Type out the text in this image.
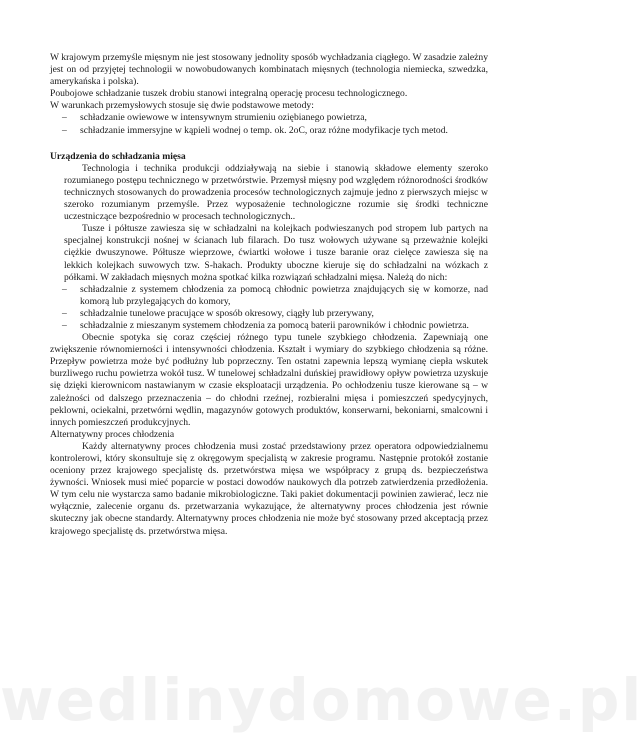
W krajowym przemyśle mięsnym nie jest stosowany jednolity sposób wychładzania ciągłego. W zasadzie zależny jest on od przyjętej technologii w nowobudowanych kombinatach mięsnych (technologia niemiecka, szwedzka, amerykańska i polska).

Poubojowe schładzanie tuszek drobiu stanowi integralną operację procesu technologicznego.

W warunkach przemysłowych stosuje się dwie podstawowe metody:

– schładzanie owiewowe w intensywnym strumieniu oziębianego powietrza,
– schładzanie immersyjne w kąpieli wodnej o temp. ok. 2oC, oraz różne modyfikacje tych metod.

Urządzenia do schładzania mięsa

Technologia i technika produkcji oddziaływają na siebie i stanowią składowe elementy szeroko rozumianego postępu technicznego w przetwórstwie. Przemysł mięsny pod względem różnorodności środków technicznych stosowanych do prowadzenia procesów technologicznych zajmuje jedno z pierwszych miejsc w szeroko rozumianym przemyśle. Przez wyposażenie technologiczne rozumie się środki techniczne uczestniczące bezpośrednio w procesach technologicznych..

Tusze i półtusze zawiesza się w schładzalni na kolejkach podwieszanych pod stropem lub partych na specjalnej konstrukcji nośnej w ścianach lub filarach. Do tusz wołowych używane są przeważnie kolejki ciężkie dwuszynowe. Półtusze wieprzowe, ćwiartki wołowe i tusze baranie oraz cielęce zawiesza się na lekkich kolejkach suwowych tzw. S-hakach. Produkty uboczne kieruje się do schładzalni na wózkach z półkami. W zakładach mięsnych można spotkać kilka rozwiązań schładzalni mięsa. Należą do nich:

– schładzalnie z systemem chłodzenia za pomocą chłodnic powietrza znajdujących się w komorze, nad komorą lub przylegających do komory,
– schładzalnie tunelowe pracujące w sposób okresowy, ciągły lub przerywany,
– schładzalnie z mieszanym systemem chłodzenia za pomocą baterii parowników i chłodnic powietrza.

Obecnie spotyka się coraz częściej różnego typu tunele szybkiego chłodzenia. Zapewniają one zwiększenie równomierności i intensywności chłodzenia. Kształt i wymiary do szybkiego chłodzenia są różne. Przepływ powietrza może być podłużny lub poprzeczny. Ten ostatni zapewnia lepszą wymianę ciepła wskutek burzliwego ruchu powietrza wokół tusz. W tunelowej schładzalni duńskiej prawidłowy opływ powietrza uzyskuje się dzięki kierownicom nastawianym w czasie eksploatacji urządzenia. Po ochłodzeniu tusze kierowane są – w zależności od dalszego przeznaczenia – do chłodni rzeźnej, rozbieralni mięsa i pomieszczeń spedycyjnych, peklowni, ociekalni, przetwórni wędlin, magazynów gotowych produktów, konserwarni, bekoniarni, smalcowni i innych pomieszczeń produkcyjnych.

Alternatywny proces chłodzenia

Każdy alternatywny proces chłodzenia musi zostać przedstawiony przez operatora odpowiedzialnemu kontrolerowi, który skonsultuje się z okręgowym specjalistą w zakresie programu. Następnie protokół zostanie oceniony przez krajowego specjalistę ds. przetwórstwa mięsa we współpracy z grupą ds. bezpieczeństwa żywności. Wniosek musi mieć poparcie w postaci dowodów naukowych dla potrzeb zatwierdzenia przedłożenia. W tym celu nie wystarcza samo badanie mikrobiologiczne. Taki pakiet dokumentacji powinien zawierać, lecz nie wyłącznie, zalecenie organu ds. przetwarzania wykazujące, że alternatywny proces chłodzenia jest równie skuteczny jak obecne standardy. Alternatywny proces chłodzenia nie może być stosowany przed akceptacją przez krajowego specjalistę ds. przetwórstwa mięsa.

wedlinydomowe.pl
